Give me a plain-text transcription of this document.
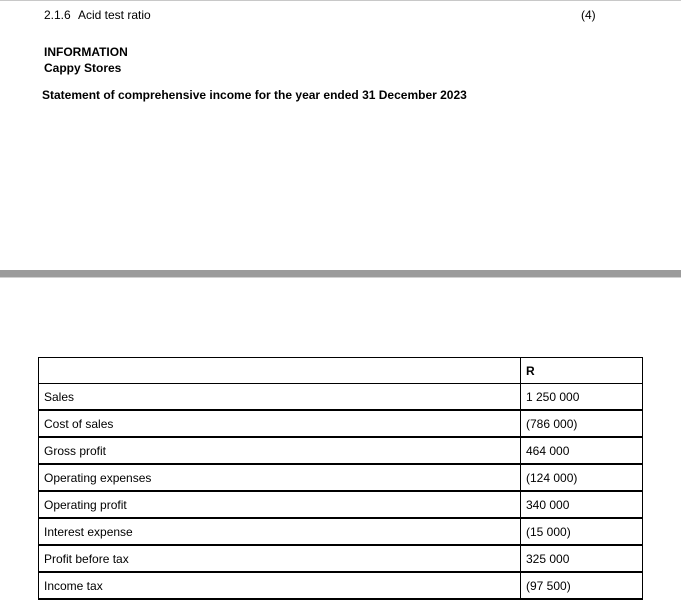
2.1.6 Acid test ratio	(4)
INFORMATION
Cappy Stores
Statement of comprehensive income for the year ended 31 December 2023
	R
Sales	1 250 000
Cost of sales	(786 000)
Gross profit	464 000
Operating expenses	(124 000)
Operating profit	340 000
Interest expense	(15 000)
Profit before tax	325 000
Income tax	(97 500)
